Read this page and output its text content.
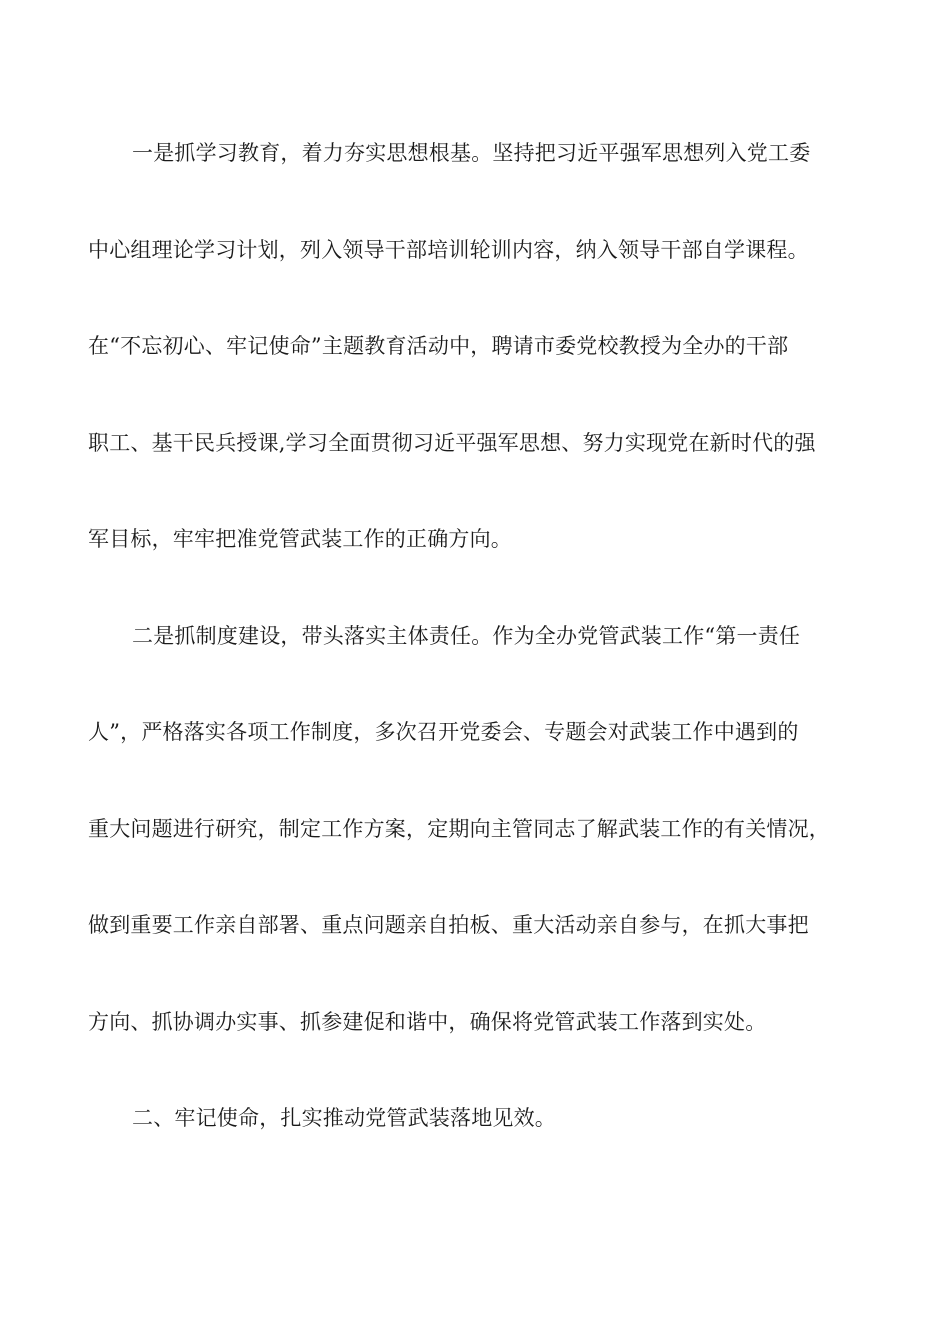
一是抓学习教育，着力夯实思想根基。坚持把习近平强军思想列入党工委
中心组理论学习计划，列入领导干部培训轮训内容，纳入领导干部自学课程。
在“不忘初心、牢记使命”主题教育活动中，聘请市委党校教授为全办的干部
职工、基干民兵授课,学习全面贯彻习近平强军思想、努力实现党在新时代的强
军目标，牢牢把准党管武装工作的正确方向。
二是抓制度建设，带头落实主体责任。作为全办党管武装工作“第一责任
人”，严格落实各项工作制度，多次召开党委会、专题会对武装工作中遇到的
重大问题进行研究，制定工作方案，定期向主管同志了解武装工作的有关情况，
做到重要工作亲自部署、重点问题亲自拍板、重大活动亲自参与，在抓大事把
方向、抓协调办实事、抓参建促和谐中，确保将党管武装工作落到实处。
二、牢记使命，扎实推动党管武装落地见效。
